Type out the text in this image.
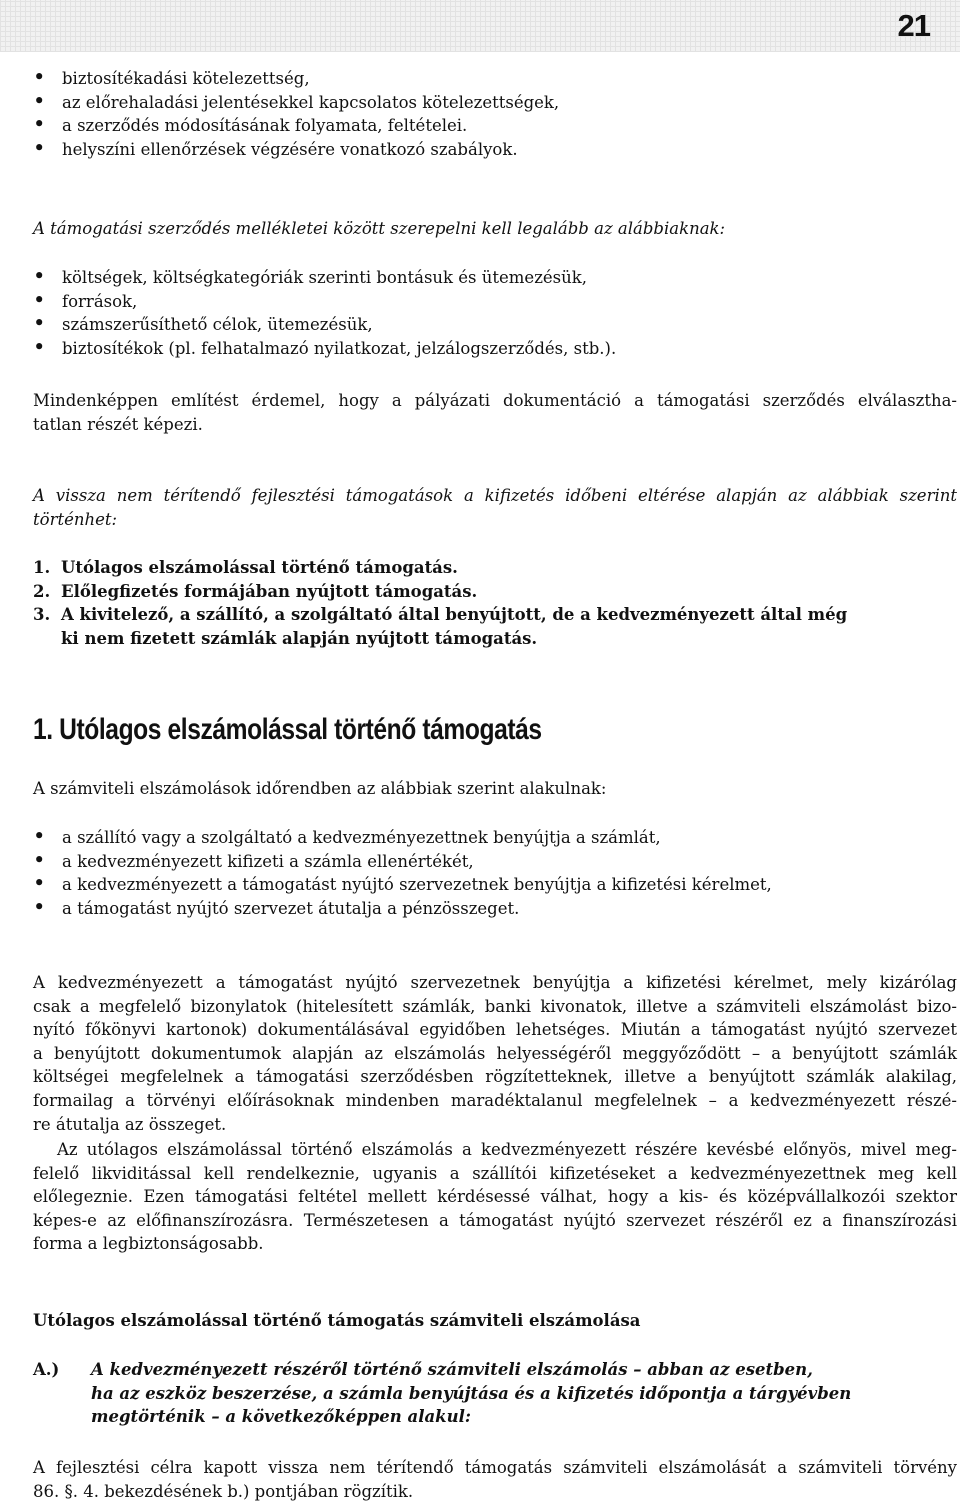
21
• biztosítékadási kötelezettség,
• az előrehaladási jelentésekkel kapcsolatos kötelezettségek,
• a szerződés módosításának folyamata, feltételei.
• helyszíni ellenőrzések végzésére vonatkozó szabályok.
A támogatási szerződés mellékletei között szerepelni kell legalább az alábbiaknak:
• költségek, költségkategóriák szerinti bontásuk és ütemezésük,
• források,
• számszerűsíthető célok, ütemezésük,
• biztosítékok (pl. felhatalmazó nyilatkozat, jelzálogszerződés, stb.).

Mindenképpen említést érdemel, hogy a pályázati dokumentáció a támogatási szerződés elválasztha-

tatlan részét képezi.

A vissza nem térítendő fejlesztési támogatások a kifizetés időbeni eltérése alapján az alábbiak szerint

történhet:

1. Utólagos elszámolással történő támogatás.
2. Előlegfizetés formájában nyújtott támogatás.
3. A kivitelező, a szállító, a szolgáltató által benyújtott, de a kedvezményezett által még ki nem fizetett számlák alapján nyújtott támogatás.
1. Utólagos elszámolással történő támogatás
A számviteli elszámolások időrendben az alábbiak szerint alakulnak:
• a szállító vagy a szolgáltató a kedvezményezettnek benyújtja a számlát,
• a kedvezményezett kifizeti a számla ellenértékét,
• a kedvezményezett a támogatást nyújtó szervezetnek benyújtja a kifizetési kérelmet,
• a támogatást nyújtó szervezet átutalja a pénzösszeget.

A kedvezményezett a támogatást nyújtó szervezetnek benyújtja a kifizetési kérelmet, mely kizárólag

csak a megfelelő bizonylatok (hitelesített számlák, banki kivonatok, illetve a számviteli elszámolást bizo-

nyító főkönyvi kartonok) dokumentálásával egyidőben lehetséges. Miután a támogatást nyújtó szervezet

a benyújtott dokumentumok alapján az elszámolás helyességéről meggyőződött – a benyújtott számlák

költségei megfelelnek a támogatási szerződésben rögzítetteknek, illetve a benyújtott számlák alakilag,

formailag a törvényi előírásoknak mindenben maradéktalanul megfelelnek – a kedvezményezett részé-

re átutalja az összeget.

Az utólagos elszámolással történő elszámolás a kedvezményezett részére kevésbé előnyös, mivel meg-

felelő likviditással kell rendelkeznie, ugyanis a szállítói kifizetéseket a kedvezményezettnek meg kell

előlegeznie. Ezen támogatási feltétel mellett kérdésessé válhat, hogy a kis- és középvállalkozói szektor

képes-e az előfinanszírozásra. Természetesen a támogatást nyújtó szervezet részéről ez a finanszírozási

forma a legbiztonságosabb.

Utólagos elszámolással történő támogatás számviteli elszámolása
A.) A kedvezményezett részéről történő számviteli elszámolás – abban az esetben,
ha az eszköz beszerzése, a számla benyújtása és a kifizetés időpontja a tárgyévben
megtörténik – a következőképpen alakul:

A fejlesztési célra kapott vissza nem térítendő támogatás számviteli elszámolását a számviteli törvény

86. §. 4. bekezdésének b.) pontjában rögzítik.
